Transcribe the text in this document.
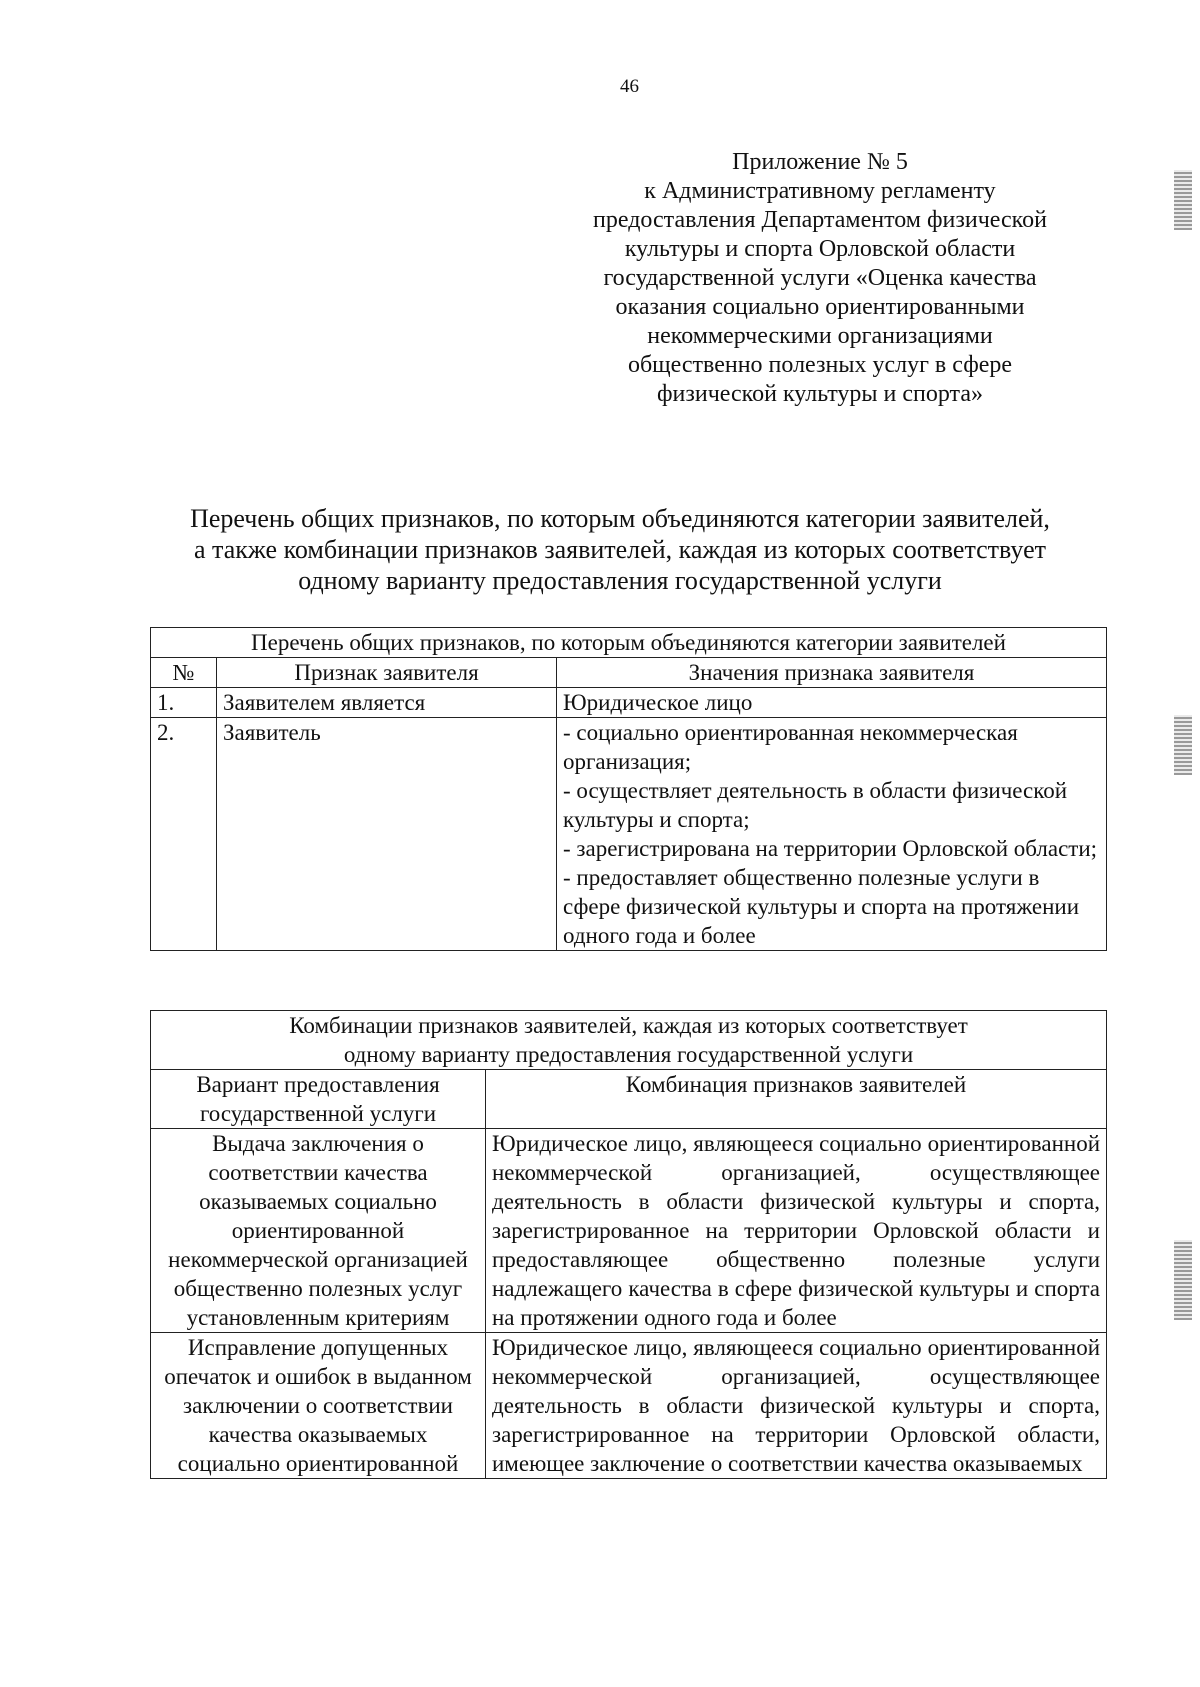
46
Приложение № 5
к Административному регламенту
предоставления Департаментом физической
культуры и спорта Орловской области
государственной услуги «Оценка качества
оказания социально ориентированными
некоммерческими организациями
общественно полезных услуг в сфере
физической культуры и спорта»
Перечень общих признаков, по которым объединяются категории заявителей,
а также комбинации признаков заявителей, каждая из которых соответствует
одному варианту предоставления государственной услуги
Перечень общих признаков, по которым объединяются категории заявителей		
№	Признак заявителя	Значения признака заявителя
1.	Заявителем является	Юридическое лицо

2.	Заявитель	- социально ориентированная некоммерческая организация;
- осуществляет деятельность в области физической культуры и спорта;
- зарегистрирована на территории Орловской области;
- предоставляет общественно полезные услуги в сфере физической культуры и спорта на протяжении одного года и более
Комбинации признаков заявителей, каждая из которых соответствует
одному варианту предоставления государственной услуги	

Вариант предоставления государственной услуги	Комбинация признаков заявителей
Выдача заключения о соответствии качества оказываемых социально ориентированной некоммерческой организацией общественно полезных услуг установленным критериям	Юридическое лицо, являющееся социально ориентированной некоммерческой организацией, осуществляющее деятельность в области физической культуры и спорта, зарегистрированное на территории Орловской области и предоставляющее общественно полезные услуги надлежащего качества в сфере физической культуры и спорта на протяжении одного года и более
Исправление допущенных опечаток и ошибок в выданном заключении о соответствии качества оказываемых социально ориентированной	Юридическое лицо, являющееся социально ориентированной некоммерческой организацией, осуществляющее деятельность в области физической культуры и спорта, зарегистрированное на территории Орловской области, имеющее заключение о соответствии качества оказываемых
